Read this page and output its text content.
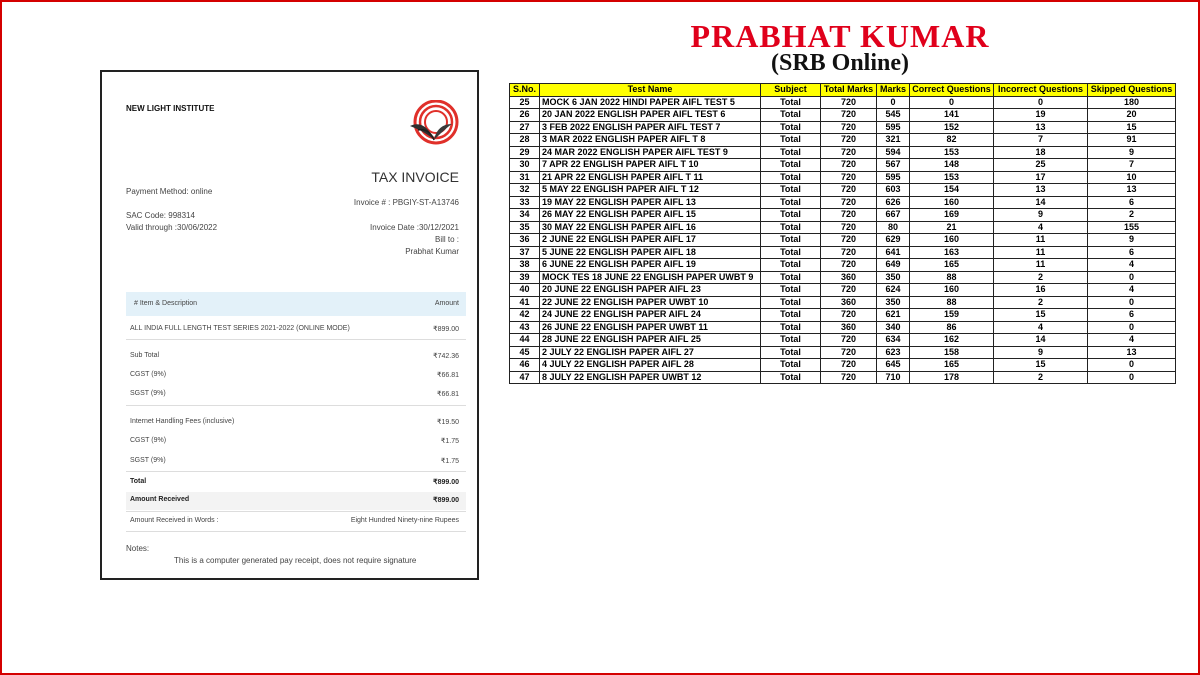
PRABHAT KUMAR
(SRB Online)
NEW LIGHT INSTITUTE
TAX INVOICE
Payment Method: online
Invoice # : PBGIY-ST-A13746
SAC Code: 998314
Valid through :30/06/2022	Invoice Date :30/12/2021
Bill to :
Prabhat Kumar
# Item & Description	Amount
ALL INDIA FULL LENGTH TEST SERIES 2021-2022 (ONLINE MODE)	₹899.00
Sub Total	₹742.36
CGST (9%)	₹66.81
SGST (9%)	₹66.81
Internet Handling Fees (inclusive)	₹19.50
CGST (9%)	₹1.75
SGST (9%)	₹1.75
Total	₹899.00
Amount Received	₹899.00
Amount Received in Words :	Eight Hundred Ninety-nine Rupees
Notes:
This is a computer generated pay receipt, does not require signature
S.No.	Test Name	Subject	Total Marks	Marks	Correct Questions	Incorrect Questions	Skipped Questions
25	MOCK 6 JAN 2022 HINDI PAPER AIFL TEST 5	Total	720	0	0	0	180
26	20 JAN 2022 ENGLISH PAPER AIFL TEST 6	Total	720	545	141	19	20
27	3 FEB 2022 ENGLISH PAPER AIFL TEST 7	Total	720	595	152	13	15
28	3 MAR 2022 ENGLISH PAPER AIFL T 8	Total	720	321	82	7	91
29	24 MAR 2022 ENGLISH PAPER AIFL TEST 9	Total	720	594	153	18	9
30	7 APR 22 ENGLISH PAPER AIFL T 10	Total	720	567	148	25	7
31	21 APR 22 ENGLISH PAPER AIFL T 11	Total	720	595	153	17	10
32	5 MAY 22 ENGLISH PAPER AIFL T 12	Total	720	603	154	13	13
33	19 MAY 22 ENGLISH PAPER AIFL 13	Total	720	626	160	14	6
34	26 MAY 22 ENGLISH PAPER AIFL 15	Total	720	667	169	9	2
35	30 MAY 22 ENGLISH PAPER AIFL 16	Total	720	80	21	4	155
36	2 JUNE 22 ENGLISH PAPER AIFL 17	Total	720	629	160	11	9
37	5 JUNE 22 ENGLISH PAPER AIFL 18	Total	720	641	163	11	6
38	6 JUNE 22 ENGLISH PAPER AIFL 19	Total	720	649	165	11	4
39	MOCK TES 18 JUNE 22 ENGLISH PAPER UWBT 9	Total	360	350	88	2	0
40	20 JUNE 22 ENGLISH PAPER AIFL 23	Total	720	624	160	16	4
41	22 JUNE 22 ENGLISH PAPER UWBT 10	Total	360	350	88	2	0
42	24 JUNE 22 ENGLISH PAPER AIFL 24	Total	720	621	159	15	6
43	26 JUNE 22 ENGLISH PAPER UWBT 11	Total	360	340	86	4	0
44	28 JUNE 22 ENGLISH PAPER AIFL 25	Total	720	634	162	14	4
45	2 JULY 22 ENGLISH PAPER AIFL 27	Total	720	623	158	9	13
46	4 JULY 22 ENGLISH PAPER AIFL 28	Total	720	645	165	15	0
47	8 JULY 22 ENGLISH PAPER UWBT 12	Total	720	710	178	2	0
